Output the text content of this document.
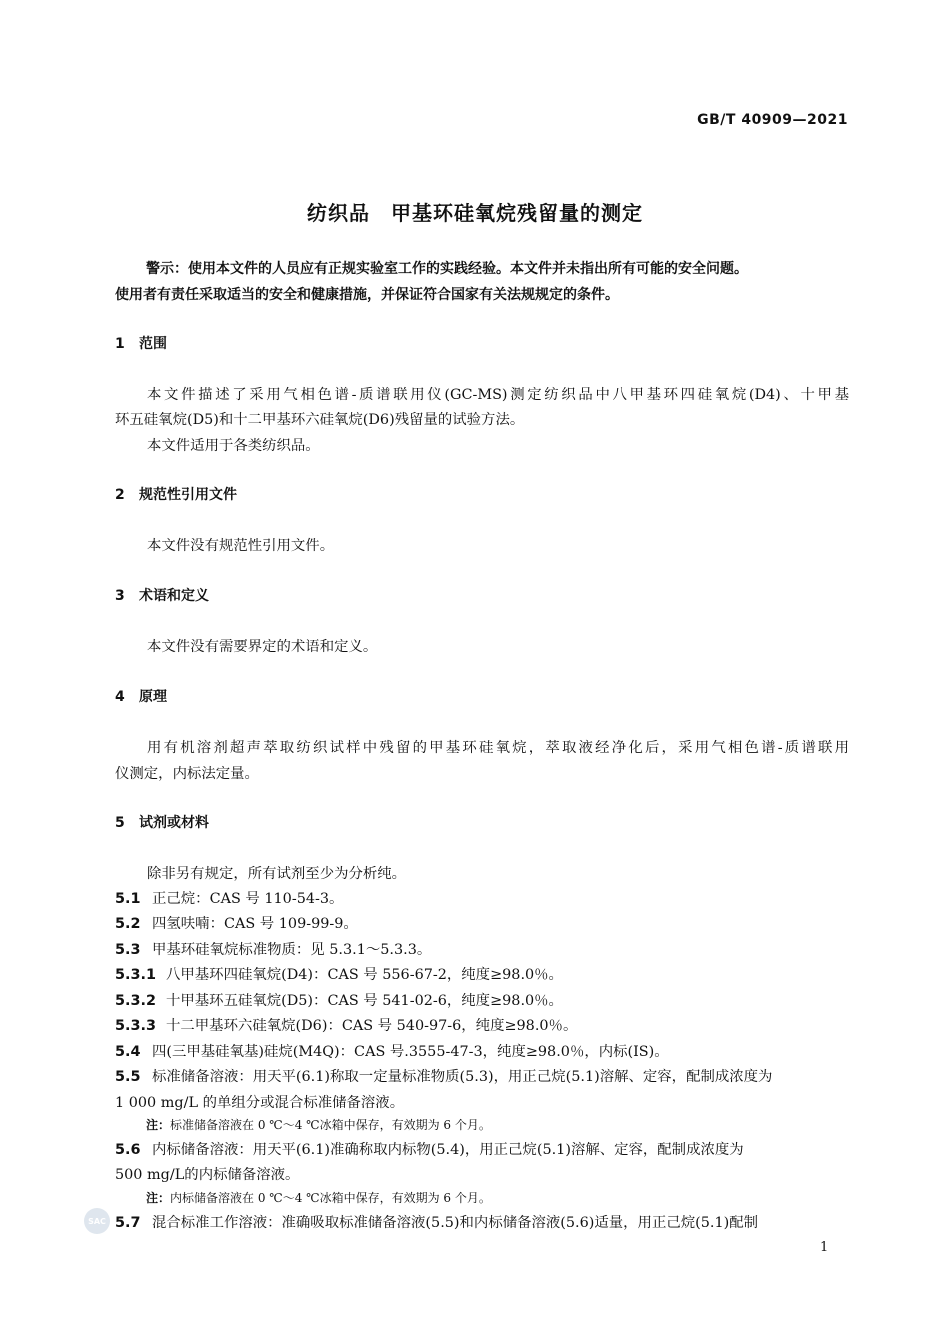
GB/T 40909—2021
纺织品　甲基环硅氧烷残留量的测定
警示：使用本文件的人员应有正规实验室工作的实践经验。本文件并未指出所有可能的安全问题。
使用者有责任采取适当的安全和健康措施，并保证符合国家有关法规规定的条件。
1 范围
本文件描述了采用气相色谱-质谱联用仪(GC-MS)测定纺织品中八甲基环四硅氧烷(D4)、十甲基
环五硅氧烷(D5)和十二甲基环六硅氧烷(D6)残留量的试验方法。
本文件适用于各类纺织品。
2 规范性引用文件
本文件没有规范性引用文件。
3 术语和定义
本文件没有需要界定的术语和定义。
4 原理
用有机溶剂超声萃取纺织试样中残留的甲基环硅氧烷，萃取液经净化后，采用气相色谱-质谱联用
仪测定，内标法定量。
5 试剂或材料
除非另有规定，所有试剂至少为分析纯。
5.1 正己烷：CAS 号 110-54-3。
5.2 四氢呋喃：CAS 号 109-99-9。
5.3 甲基环硅氧烷标准物质：见 5.3.1～5.3.3。
5.3.1 八甲基环四硅氧烷(D4)：CAS 号 556-67-2，纯度≥98.0％。
5.3.2 十甲基环五硅氧烷(D5)：CAS 号 541-02-6，纯度≥98.0％。
5.3.3 十二甲基环六硅氧烷(D6)：CAS 号 540-97-6，纯度≥98.0％。
5.4 四(三甲基硅氧基)硅烷(M4Q)：CAS 号.3555-47-3，纯度≥98.0％，内标(IS)。
5.5 标准储备溶液：用天平(6.1)称取一定量标准物质(5.3)，用正己烷(5.1)溶解、定容，配制成浓度为
1 000 mg/L 的单组分或混合标准储备溶液。
注：标准储备溶液在 0 ℃～4 ℃冰箱中保存，有效期为 6 个月。
5.6 内标储备溶液：用天平(6.1)准确称取内标物(5.4)，用正己烷(5.1)溶解、定容，配制成浓度为
500 mg/L的内标储备溶液。
注：内标储备溶液在 0 ℃～4 ℃冰箱中保存，有效期为 6 个月。
SAC 5.7 混合标准工作溶液：准确吸取标准储备溶液(5.5)和内标储备溶液(5.6)适量，用正己烷(5.1)配制
1
